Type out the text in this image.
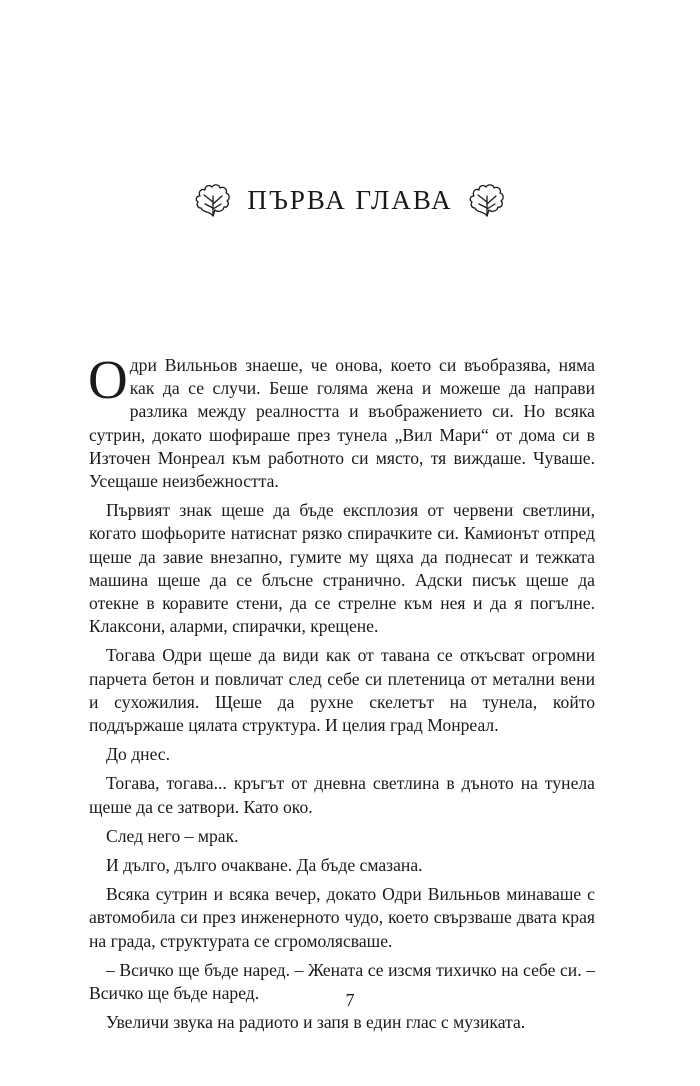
ПЪРВА ГЛАВА

Одри Вильньов знаеше, че онова, което си въобразява, няма как да се случи. Беше голяма жена и можеше да направи разлика между реалността и въображението си. Но всяка сутрин, докато шофираше през тунела „Вил Мари“ от дома си в Източен Монреал към работното си място, тя виждаше. Чуваше. Усещаше неизбежността.

Първият знак щеше да бъде експлозия от червени светлини, когато шофьорите натиснат рязко спирачките си. Камионът отпред щеше да завие внезапно, гумите му щяха да поднесат и тежката машина щеше да се блъсне странично. Адски писък щеше да отекне в коравите стени, да се стрелне към нея и да я погълне. Клаксони, аларми, спирачки, крещене.

Тогава Одри щеше да види как от тавана се откъсват огромни парчета бетон и повличат след себе си плетеница от метални вени и сухожилия. Щеше да рухне скелетът на тунела, който поддържаше цялата структура. И целия град Монреал.

До днес.

Тогава, тогава... кръгът от дневна светлина в дъното на тунела щеше да се затвори. Като око.

След него – мрак.

И дълго, дълго очакване. Да бъде смазана.

Всяка сутрин и всяка вечер, докато Одри Вильньов минаваше с автомобила си през инженерното чудо, което свързваше двата края на града, структурата се сгромолясваше.

– Всичко ще бъде наред. – Жената се изсмя тихичко на себе си. – Всичко ще бъде наред.

Увеличи звука на радиото и запя в един глас с музиката.

7
